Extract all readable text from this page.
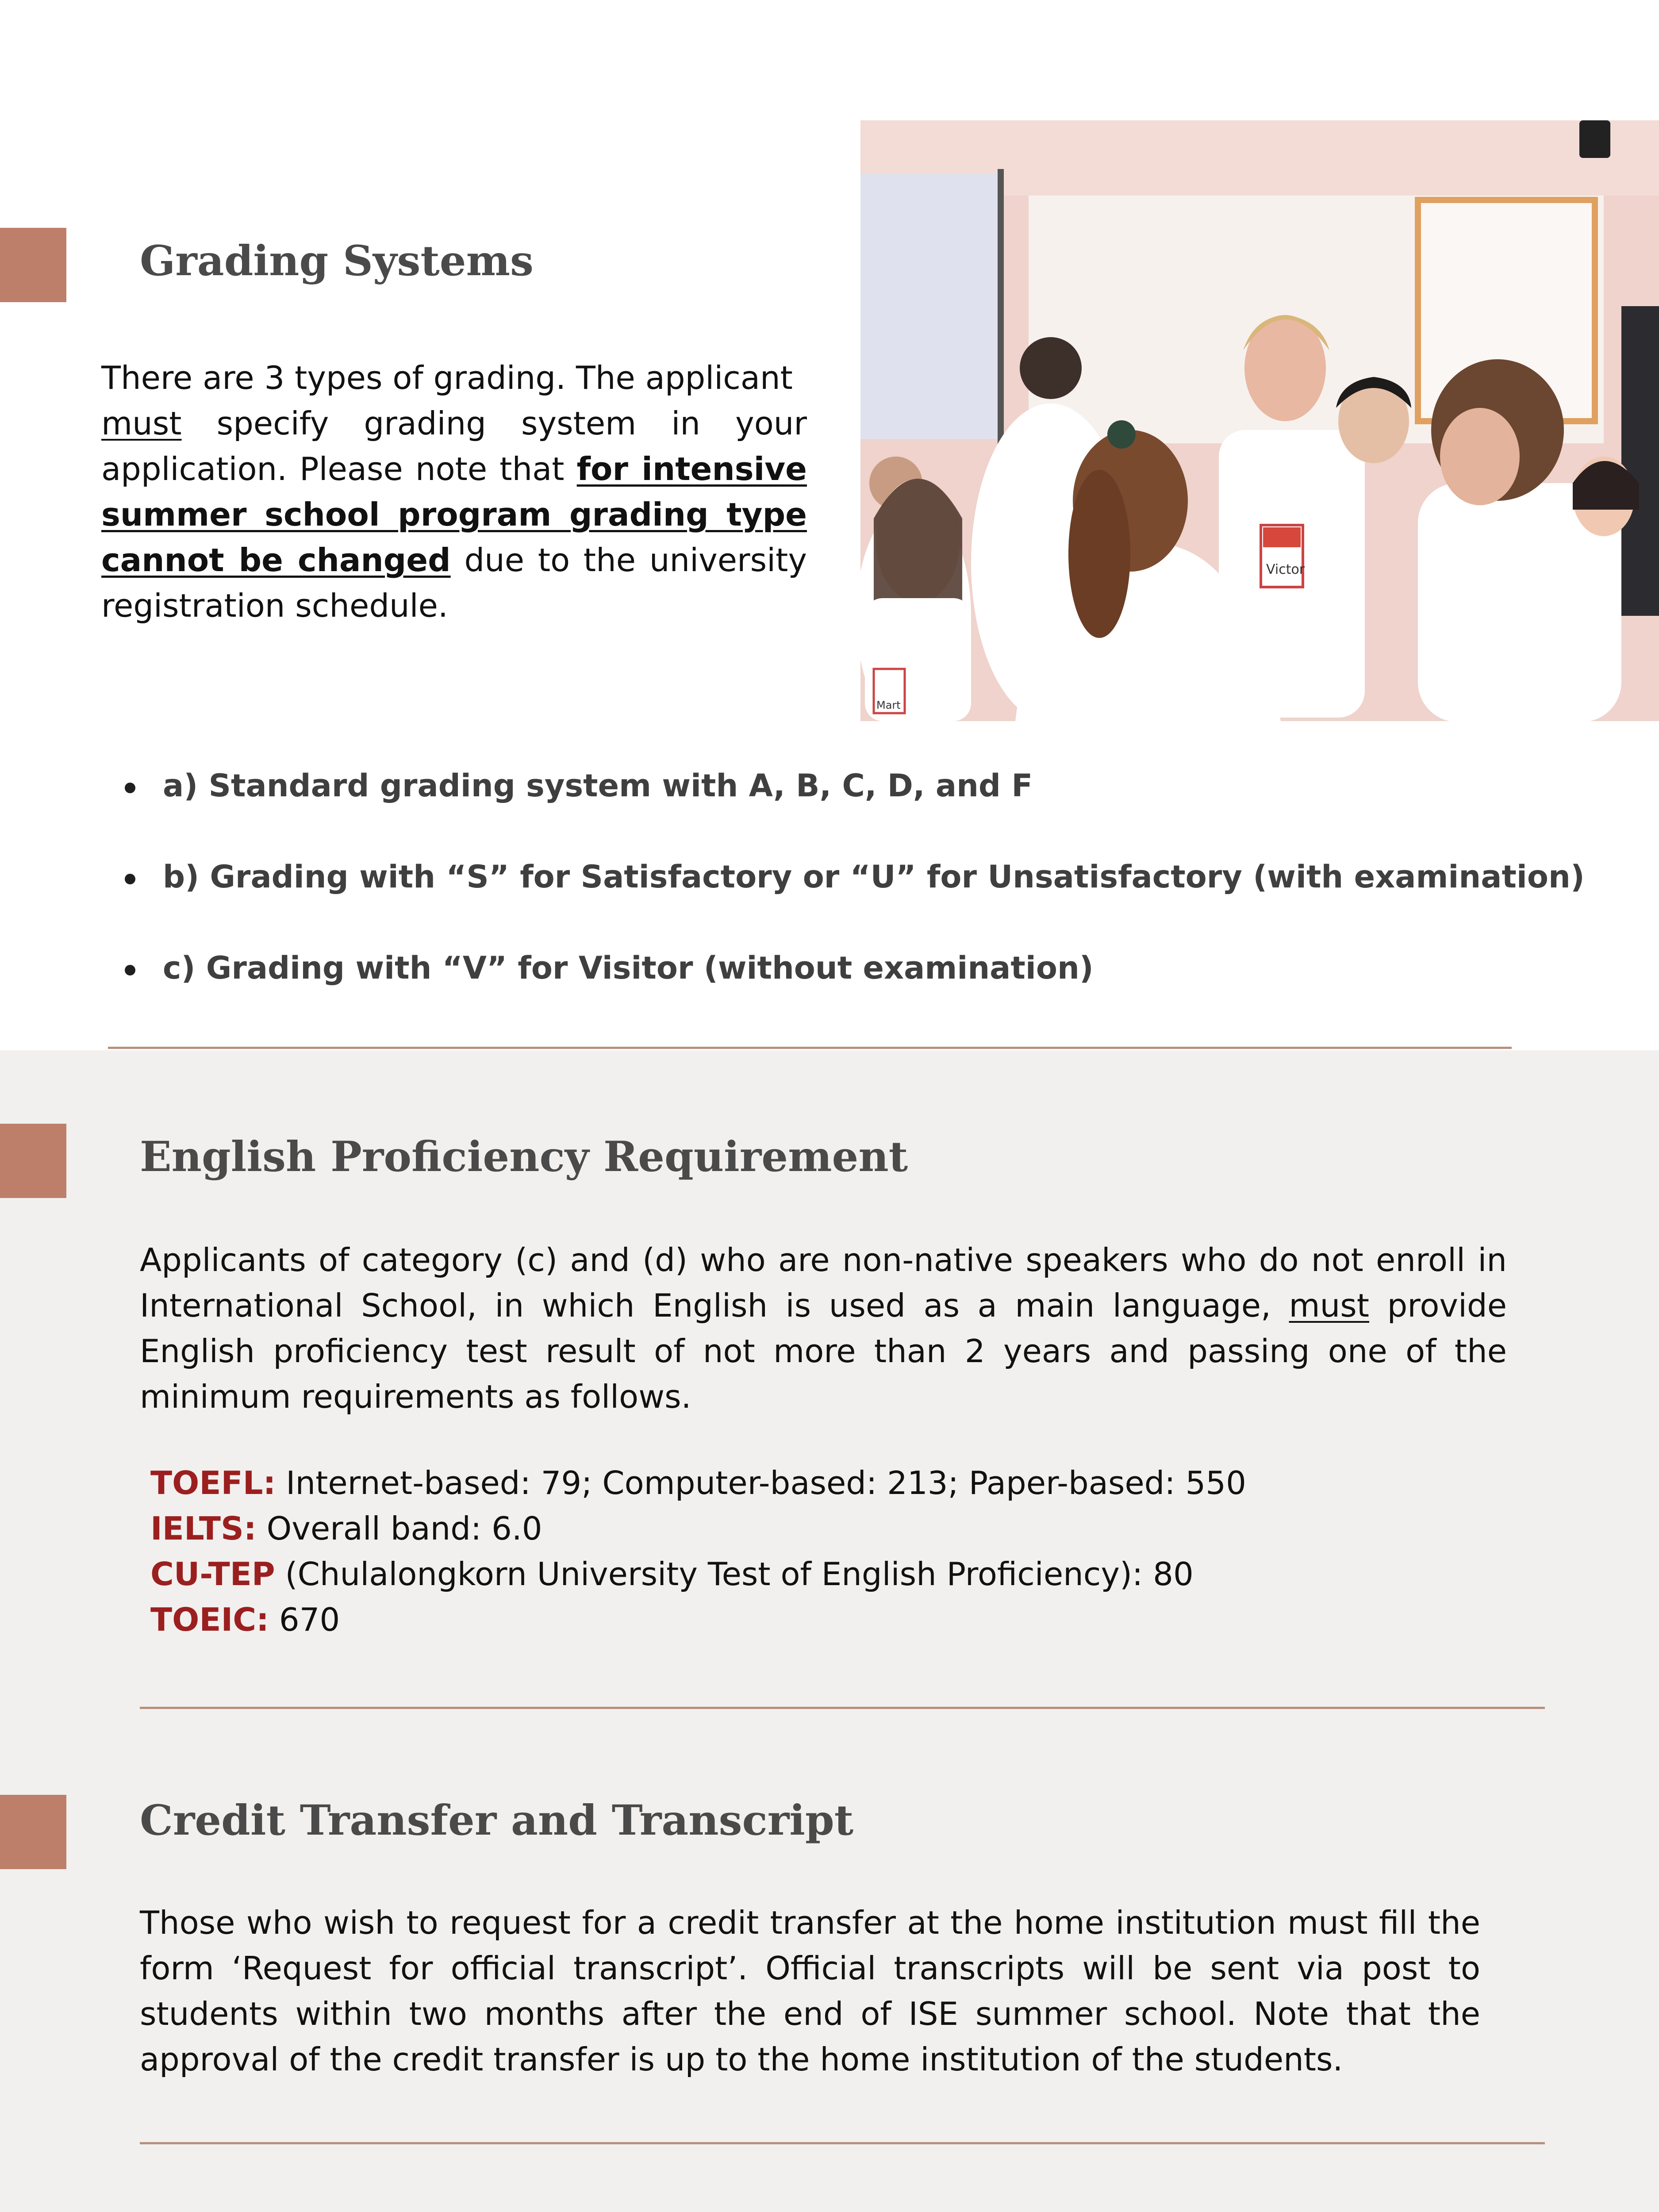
Grading Systems

There are 3 types of grading. The applicant
must specify grading system in your application. Please note that for intensive summer school program grading type cannot be changed due to the university registration schedule.

Victor
Mart
a) Standard grading system with A, B, C, D, and F
b) Grading with “S” for Satisfactory or “U” for Unsatisfactory (with examination)
c) Grading with “V” for Visitor (without examination)
English Proficiency Requirement

Applicants of category (c) and (d) who are non-native speakers who do not enroll in International School, in which English is used as a main language, must provide English proficiency test result of not more than 2 years and passing one of the minimum requirements as follows.

TOEFL: Internet-based: 79; Computer-based: 213; Paper-based: 550

IELTS: Overall band: 6.0

CU-TEP (Chulalongkorn University Test of English Proficiency): 80

TOEIC: 670

Credit Transfer and Transcript

Those who wish to request for a credit transfer at the home institution must fill the form ‘Request for official transcript’. Official transcripts will be sent via post to students within two months after the end of ISE summer school. Note that the approval of the credit transfer is up to the home institution of the students.
